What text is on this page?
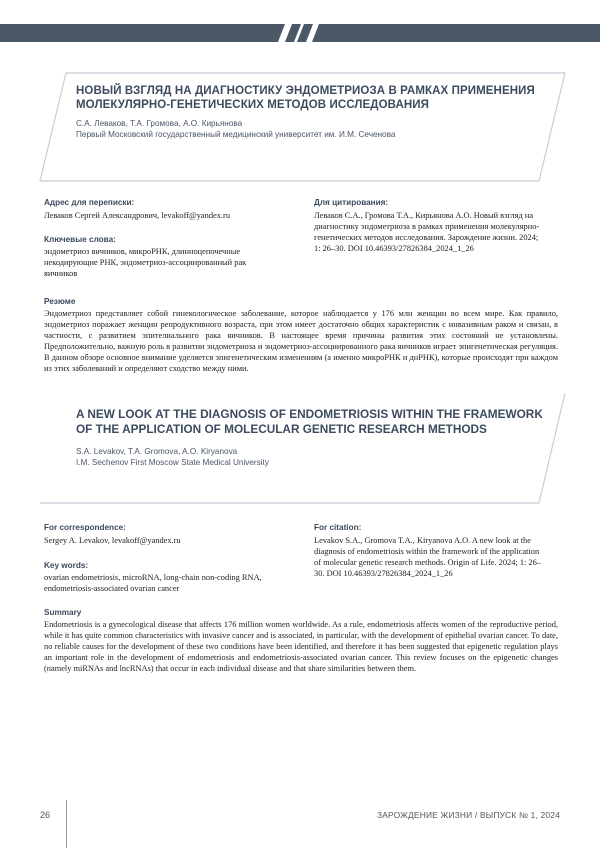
НОВЫЙ ВЗГЛЯД НА ДИАГНОСТИКУ ЭНДОМЕТРИОЗА В РАМКАХ ПРИМЕНЕНИЯ МОЛЕКУЛЯРНО-ГЕНЕТИЧЕСКИХ МЕТОДОВ ИССЛЕДОВАНИЯ
С.А. Леваков, Т.А. Громова, А.О. Кирьянова
Первый Московский государственный медицинский университет им. И.М. Сеченова
Адрес для переписки:
Леваков Сергей Александрович, levakoff@yandex.ru
Ключевые слова:
эндометриоз яичников, микроРНК, длинноцепочечные некодирующие РНК, эндометриоз-ассоциированный рак яичников
Для цитирования:
Леваков С.А., Громова Т.А., Кирьянова А.О. Новый взгляд на диагностику эндометриоза в рамках применения молекулярно-генетических методов исследования. Зарождение жизни. 2024; 1: 26–30. DOI 10.46393/27826384_2024_1_26
Резюме
Эндометриоз представляет собой гинекологическое заболевание, которое наблюдается у 176 млн женщин во всем мире. Как правило, эндометриоз поражает женщин репродуктивного возраста, при этом имеет достаточно общих характеристик с инвазивным раком и связан, в частности, с развитием эпителиального рака яичников. В настоящее время причины развития этих состояний не установлены. Предположительно, важную роль в развитии эндометриоза и эндометриоз-ассоциированного рака яичников играет эпигенетическая регуляция. В данном обзоре основное внимание уделяется эпигенетическим изменениям (а именно микроРНК и днРНК), которые происходят при каждом из этих заболеваний и определяют сходство между ними.
A NEW LOOK AT THE DIAGNOSIS OF ENDOMETRIOSIS WITHIN THE FRAMEWORK OF THE APPLICATION OF MOLECULAR GENETIC RESEARCH METHODS
S.A. Levakov, T.A. Gromova, A.O. Kiryanova
I.M. Sechenov First Moscow State Medical University
For correspondence:
Sergey A. Levakov, levakoff@yandex.ru
Key words:
ovarian endometriosis, microRNA, long-chain non-coding RNA, endometriosis-associated ovarian cancer
For citation:
Levakov S.A., Gromova T.A., Kiryanova A.O. A new look at the diagnosis of endometriosis within the framework of the application of molecular genetic research methods. Origin of Life. 2024; 1: 26–30. DOI 10.46393/27826384_2024_1_26
Summary
Endometriosis is a gynecological disease that affects 176 million women worldwide. As a rule, endometriosis affects women of the reproductive period, while it has quite common characteristics with invasive cancer and is associated, in particular, with the development of epithelial ovarian cancer. To date, no reliable causes for the development of these two conditions have been identified, and therefore it has been suggested that epigenetic regulation plays an important role in the development of endometriosis and endometriosis-associated ovarian cancer. This review focuses on the epigenetic changes (namely miRNAs and lncRNAs) that occur in each individual disease and that share similarities between them.
26	ЗАРОЖДЕНИЕ ЖИЗНИ / ВЫПУСК № 1, 2024
